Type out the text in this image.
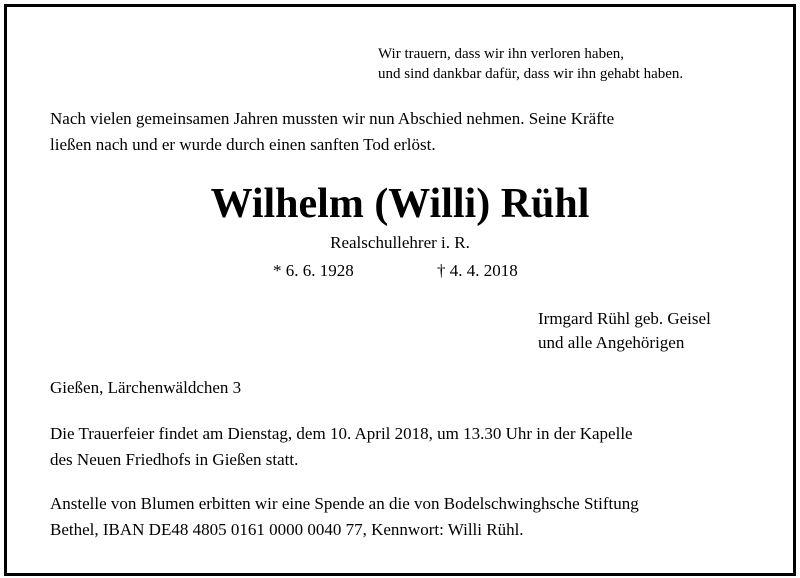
Wir trauern, dass wir ihn verloren haben,
und sind dankbar dafür, dass wir ihn gehabt haben.
Nach vielen gemeinsamen Jahren mussten wir nun Abschied nehmen. Seine Kräfte
ließen nach und er wurde durch einen sanften Tod erlöst.
Wilhelm (Willi) Rühl
Realschullehrer i. R.
* 6. 6. 1928	† 4. 4. 2018
Irmgard Rühl geb. Geisel
und alle Angehörigen
Gießen, Lärchenwäldchen 3
Die Trauerfeier findet am Dienstag, dem 10. April 2018, um 13.30 Uhr in der Kapelle
des Neuen Friedhofs in Gießen statt.
Anstelle von Blumen erbitten wir eine Spende an die von Bodelschwinghsche Stiftung
Bethel, IBAN DE48 4805 0161 0000 0040 77, Kennwort: Willi Rühl.
